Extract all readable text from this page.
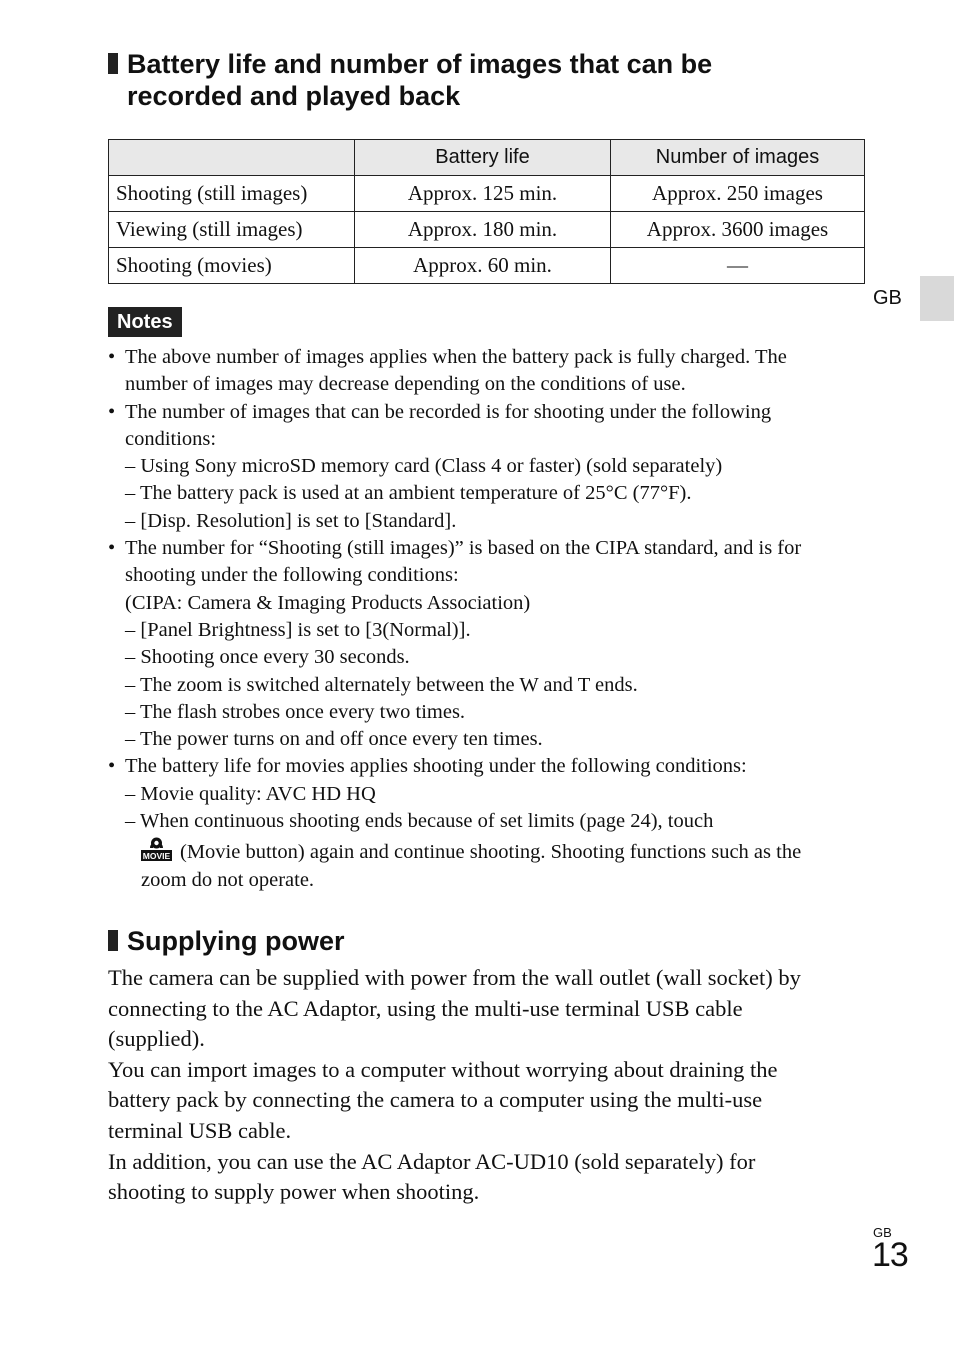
Battery life and number of images that can be
recorded and played back
	Battery life	Number of images
Shooting (still images)	Approx. 125 min.	Approx. 250 images
Viewing (still images)	Approx. 180 min.	Approx. 3600 images
Shooting (movies)	Approx. 60 min.	—
GB
Notes
• The above number of images applies when the battery pack is fully charged. The
number of images may decrease depending on the conditions of use.
• The number of images that can be recorded is for shooting under the following
conditions:
– Using Sony microSD memory card (Class 4 or faster) (sold separately)
– The battery pack is used at an ambient temperature of 25°C (77°F).
– [Disp. Resolution] is set to [Standard].
• The number for “Shooting (still images)” is based on the CIPA standard, and is for
shooting under the following conditions:
(CIPA: Camera & Imaging Products Association)
– [Panel Brightness] is set to [3(Normal)].
– Shooting once every 30 seconds.
– The zoom is switched alternately between the W and T ends.
– The flash strobes once every two times.
– The power turns on and off once every ten times.
• The battery life for movies applies shooting under the following conditions:
– Movie quality: AVC HD HQ
– When continuous shooting ends because of set limits (page 24), touch
MOVIE (Movie button) again and continue shooting. Shooting functions such as the
zoom do not operate.
Supplying power
The camera can be supplied with power from the wall outlet (wall socket) by
connecting to the AC Adaptor, using the multi-use terminal USB cable
(supplied).
You can import images to a computer without worrying about draining the
battery pack by connecting the camera to a computer using the multi-use
terminal USB cable.
In addition, you can use the AC Adaptor AC-UD10 (sold separately) for
shooting to supply power when shooting.
GB
13
